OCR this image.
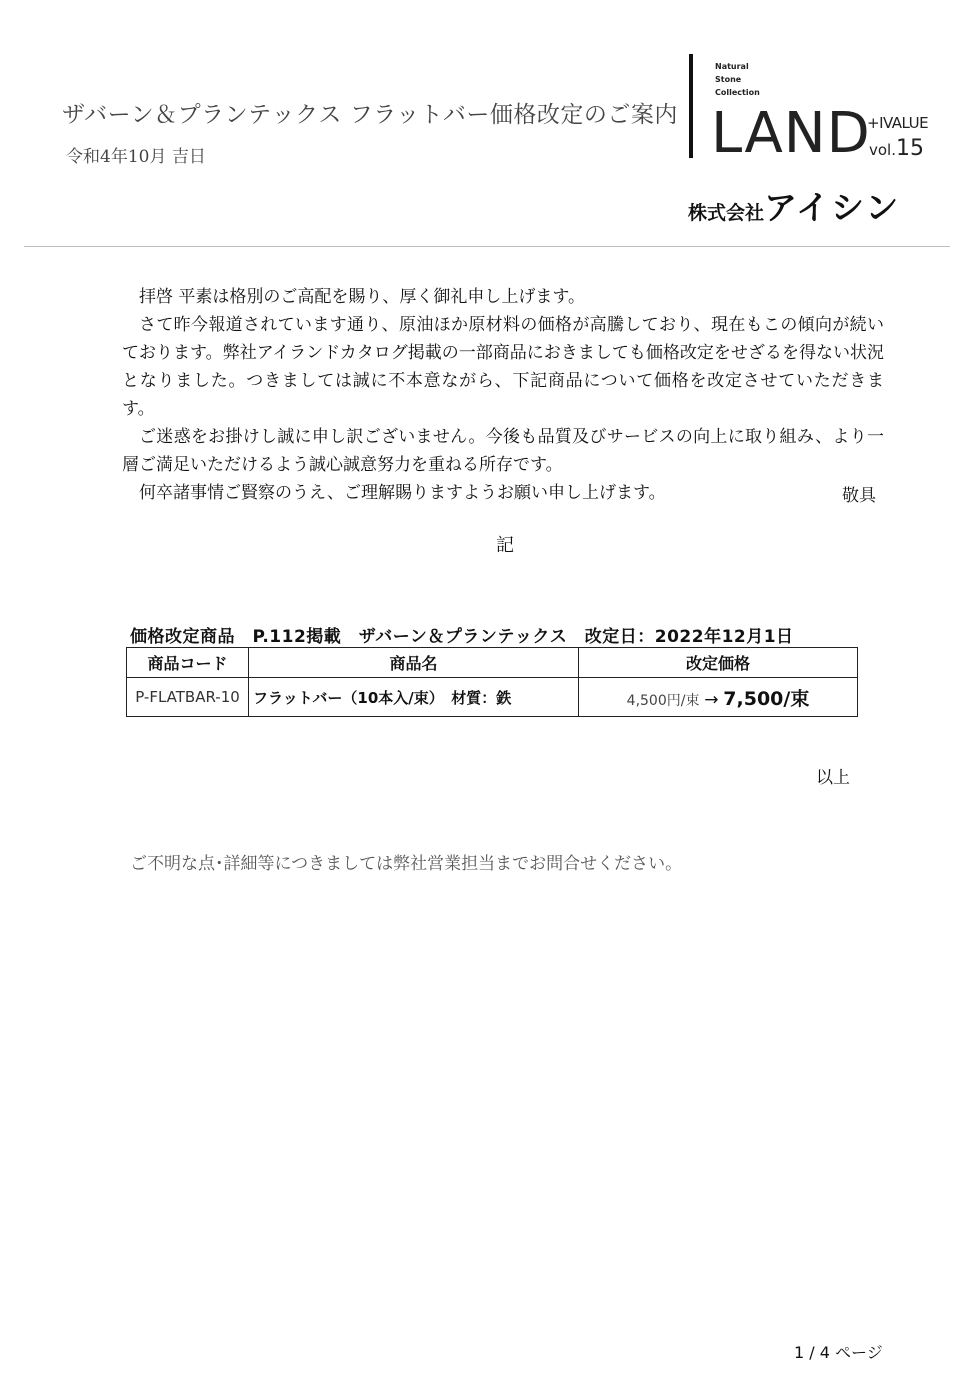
ザバーン＆プランテックス フラットバー価格改定のご案内
令和4年10月 吉日
Natural
Stone
Collection
LAND
+IVALUE
vol.15
株式会社アイシン

拝啓 平素は格別のご高配を賜り、厚く御礼申し上げます。

さて昨今報道されています通り、原油ほか原材料の価格が高騰しており、現在もこの傾向が続いております。弊社アイランドカタログ掲載の一部商品におきましても価格改定をせざるを得ない状況となりました。つきましては誠に不本意ながら、下記商品について価格を改定させていただきます。

ご迷惑をお掛けし誠に申し訳ございません。今後も品質及びサービスの向上に取り組み、より一層ご満足いただけるよう誠心誠意努力を重ねる所存です。

何卒諸事情ご賢察のうえ、ご理解賜りますようお願い申し上げます。	敬具
記
価格改定商品　P.112掲載　ザバーン＆プランテックス　改定日：2022年12月1日
商品コード	商品名	改定価格
P-FLATBAR-10	フラットバー（10本入/束）　材質：鉄	4,500円/束 → 7,500/束
以上
ご不明な点･詳細等につきましては弊社営業担当までお問合せください。
1 / 4 ページ
